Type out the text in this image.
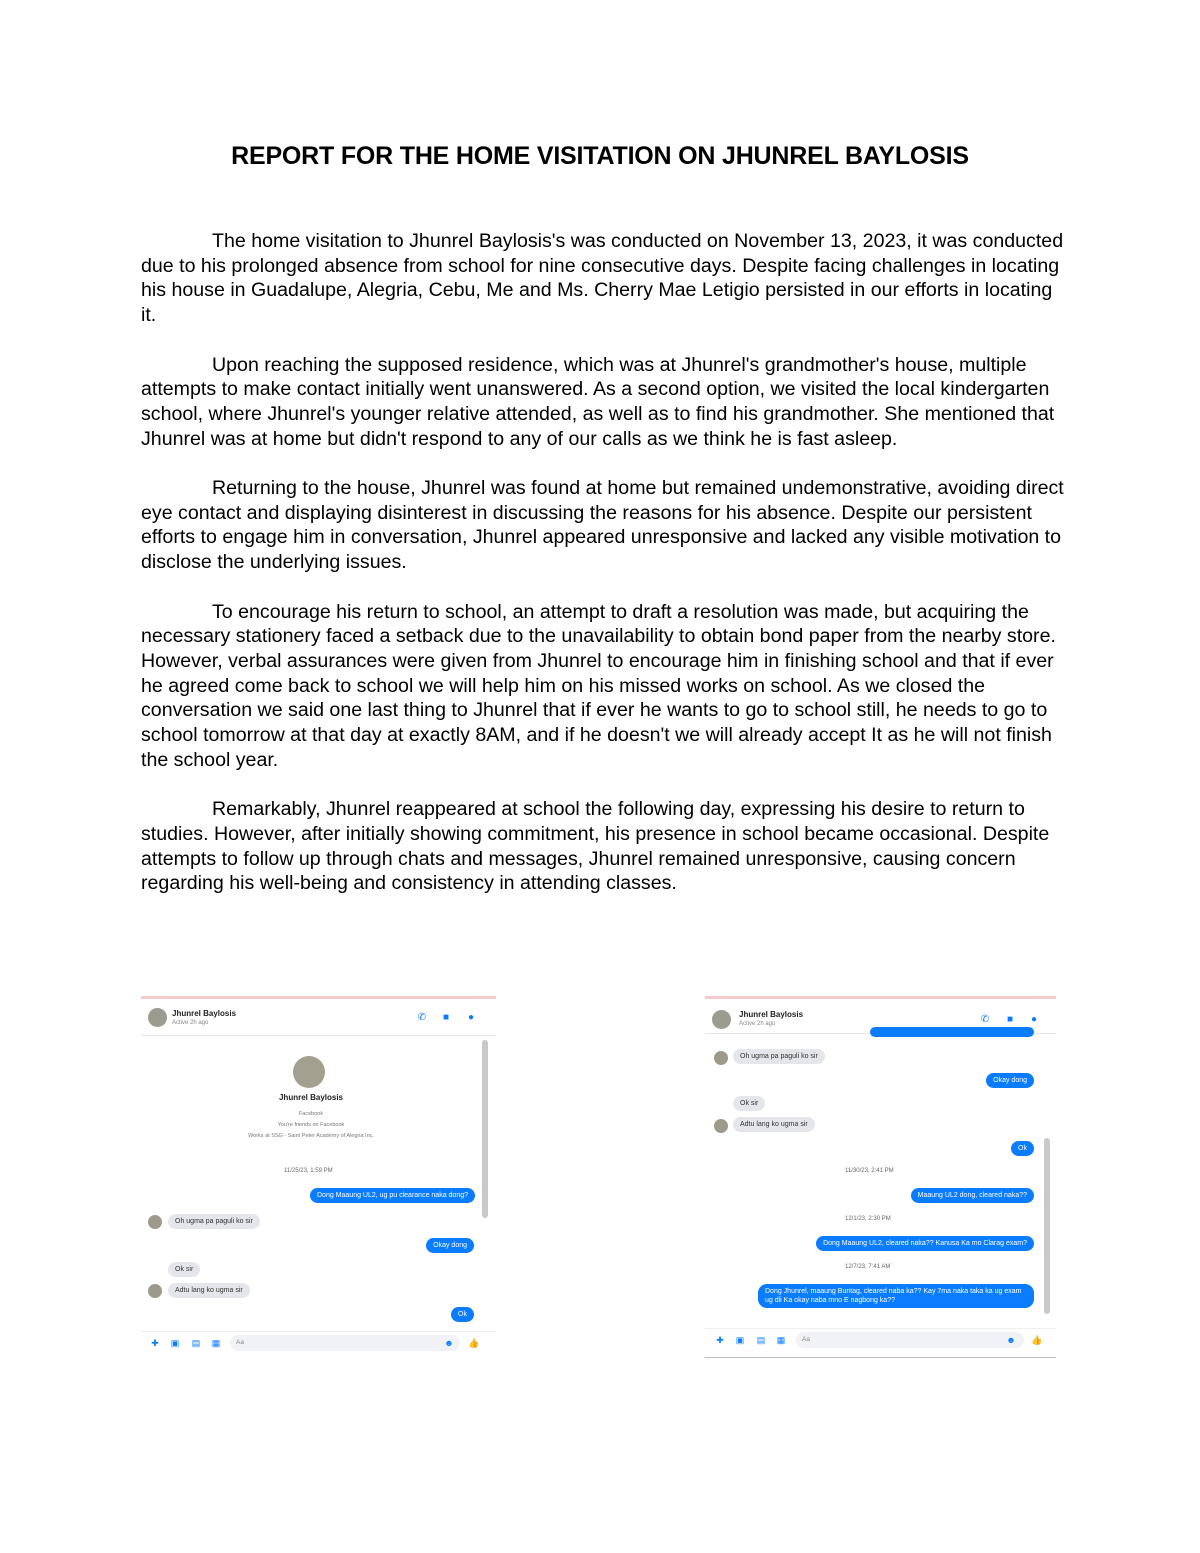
REPORT FOR THE HOME VISITATION ON JHUNREL BAYLOSIS

The home visitation to Jhunrel Baylosis's was conducted on November 13, 2023, it was conducted due to his prolonged absence from school for nine consecutive days. Despite facing challenges in locating his house in Guadalupe, Alegria, Cebu, Me and Ms. Cherry Mae Letigio persisted in our efforts in locating it.

Upon reaching the supposed residence, which was at Jhunrel's grandmother's house, multiple attempts to make contact initially went unanswered. As a second option, we visited the local kindergarten school, where Jhunrel's younger relative attended, as well as to find his grandmother. She mentioned that Jhunrel was at home but didn't respond to any of our calls as we think he is fast asleep.

Returning to the house, Jhunrel was found at home but remained undemonstrative, avoiding direct eye contact and displaying disinterest in discussing the reasons for his absence. Despite our persistent efforts to engage him in conversation, Jhunrel appeared unresponsive and lacked any visible motivation to disclose the underlying issues.

To encourage his return to school, an attempt to draft a resolution was made, but acquiring the necessary stationery faced a setback due to the unavailability to obtain bond paper from the nearby store. However, verbal assurances were given from Jhunrel to encourage him in finishing school and that if ever he agreed come back to school we will help him on his missed works on school. As we closed the conversation we said one last thing to Jhunrel that if ever he wants to go to school still, he needs to go to school tomorrow at that day at exactly 8AM, and if he doesn't we will already accept It as he will not finish the school year.

Remarkably, Jhunrel reappeared at school the following day, expressing his desire to return to studies. However, after initially showing commitment, his presence in school became occasional. Despite attempts to follow up through chats and messages, Jhunrel remained unresponsive, causing concern regarding his well-being and consistency in attending classes.

Jhunrel Baylosis
Active 2h ago	✆ ■ ●
Jhunrel Baylosis
Facebook
You're friends on Facebook
Works at SSG - Saint Peter Academy of Alegria Inc.
11/25/23, 1:59 PM
Dong Maaung UL2, ug pu clearance naka dong?
Oh ugma pa paguli ko sir
Okay dong
Ok sir
Adtu lang ko ugma sir
Ok
✚ ▣ ▤ ▦	Aa	☻ 👍
Jhunrel Baylosis
Active 2h ago	✆ ■ ●
Oh ugma pa paguli ko sir
Okay dong
Ok sir
Adtu lang ko ugma sir
Ok
11/30/23, 2:41 PM
Maaung UL2 dong, cleared naka??
12/1/23, 2:30 PM
Dong Maaung UL2, cleared naka?? Kanusa Ka mo Clarag exam?
12/7/23, 7:41 AM
Dong Jhunrel, maaung Buntag, cleared naba ka?? Kay 7ma naka taka ka ug exam ug dli Ka okay naba mno E nagbong ka??
✚ ▣ ▤ ▦	Aa	☻ 👍
